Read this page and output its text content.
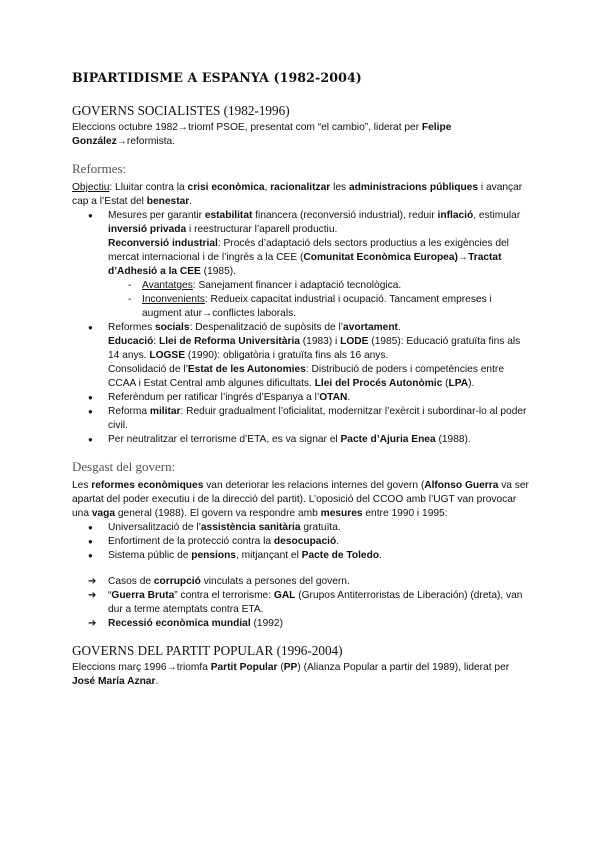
BIPARTIDISME A ESPANYA (1982-2004)
GOVERNS SOCIALISTES (1982-1996)

Eleccions octubre 1982→triomf PSOE, presentat com “el cambio”, liderat per Felipe González→reformista.

Reformes:

Objectiu: Lluitar contra la crisi econòmica, racionalitzar les administracions públiques i avançar cap a l’Estat del benestar.

● Mesures per garantir estabilitat financera (reconversió industrial), reduir inflació, estimular inversió privada i reestructurar l’aparell productiu.
Reconversió industrial: Procés d’adaptació dels sectors productius a les exigències del mercat internacional i de l’ingrés a la CEE (Comunitat Econòmica Europea)→Tractat d’Adhesió a la CEE (1985).
- Avantatges: Sanejament financer i adaptació tecnològica.
- Inconvenients: Redueix capacitat industrial i ocupació. Tancament empreses i augment atur→conflictes laborals.
● Reformes socials: Despenalització de supòsits de l’avortament.
Educació: Llei de Reforma Universitària (1983) i LODE (1985): Educació gratuïta fins als 14 anys. LOGSE (1990): obligatòria i gratuïta fins als 16 anys.
Consolidació de l’Estat de les Autonomies: Distribució de poders i competències entre CCAA i Estat Central amb algunes dificultats. Llei del Procés Autonòmic (LPA).
● Referèndum per ratificar l’ingrés d’Espanya a l’OTAN.
● Reforma militar: Reduir gradualment l’oficialitat, modernitzar l’exèrcit i subordinar-lo al poder civil.
● Per neutralitzar el terrorisme d’ETA, es va signar el Pacte d’Ajuria Enea (1988).
Desgast del govern:

Les reformes econòmiques van deteriorar les relacions internes del govern (Alfonso Guerra va ser apartat del poder executiu i de la direcció del partit). L’oposició del CCOO amb l’UGT van provocar una vaga general (1988). El govern va respondre amb mesures entre 1990 i 1995:

● Universalització de l’assistència sanitària gratuïta.
● Enfortiment de la protecció contra la desocupació.
● Sistema públic de pensions, mitjançant el Pacte de Toledo.
➔ Casos de corrupció vinculats a persones del govern.
➔ “Guerra Bruta” contra el terrorisme: GAL (Grupos Antiterroristas de Liberación) (dreta), van dur a terme atemptats contra ETA.
➔ Recessió econòmica mundial (1992)
GOVERNS DEL PARTIT POPULAR (1996-2004)

Eleccions març 1996→triomfa Partit Popular (PP) (Alianza Popular a partir del 1989), liderat per José María Aznar.
